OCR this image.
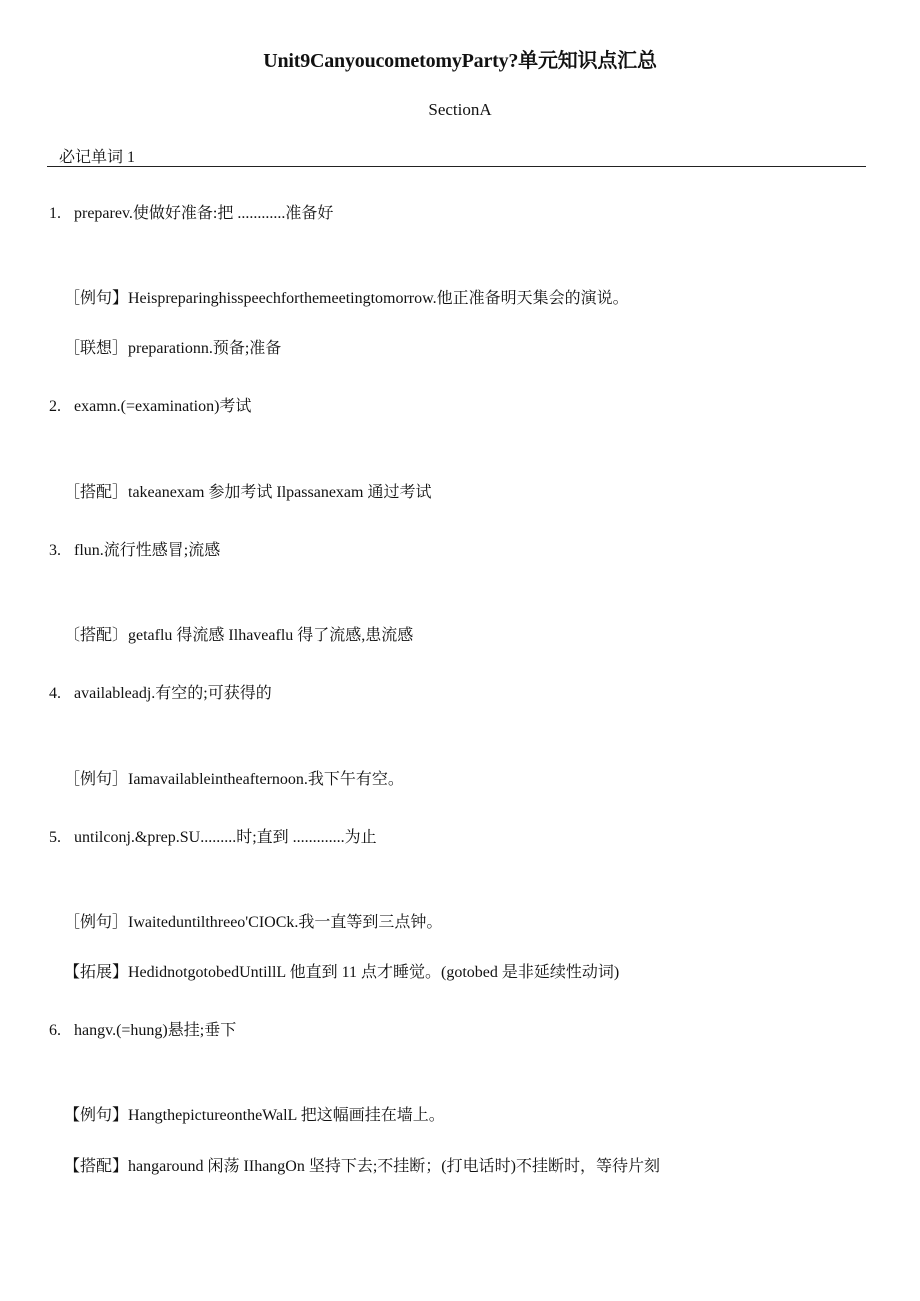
Unit9CanyoucometomyParty?单元知识点汇总
SectionA
必记单词 1
1. preparev.使做好准备:把 ............准备好
［例句】Heispreparinghisspeechforthemeetingtomorrow.他正准备明天集会的演说。
［联想］preparationn.预备;准备
2. examn.(=examination)考试
［搭配］takeanexam 参加考试 Ilpassanexam 通过考试
3. flun.流行性感冒;流感
〔搭配〕getaflu 得流感 Ilhaveaflu 得了流感,患流感
4. availableadj.有空的;可获得的
［例句］Iamavailableintheafternoon.我下午有空。
5. untilconj.&prep.SU.........时;直到 .............为止
［例句］Iwaiteduntilthreeo'CIOCk.我一直等到三点钟。
【拓展】HedidnotgotobedUntillL 他直到 11 点才睡觉。(gotobed 是非延续性动词)
6. hangv.(=hung)悬挂;垂下
【例句】HangthepictureontheWalL 把这幅画挂在墙上。
【搭配】hangaround 闲荡 IIhangOn 坚持下去;不挂断；(打电话时)不挂断时，等待片刻
